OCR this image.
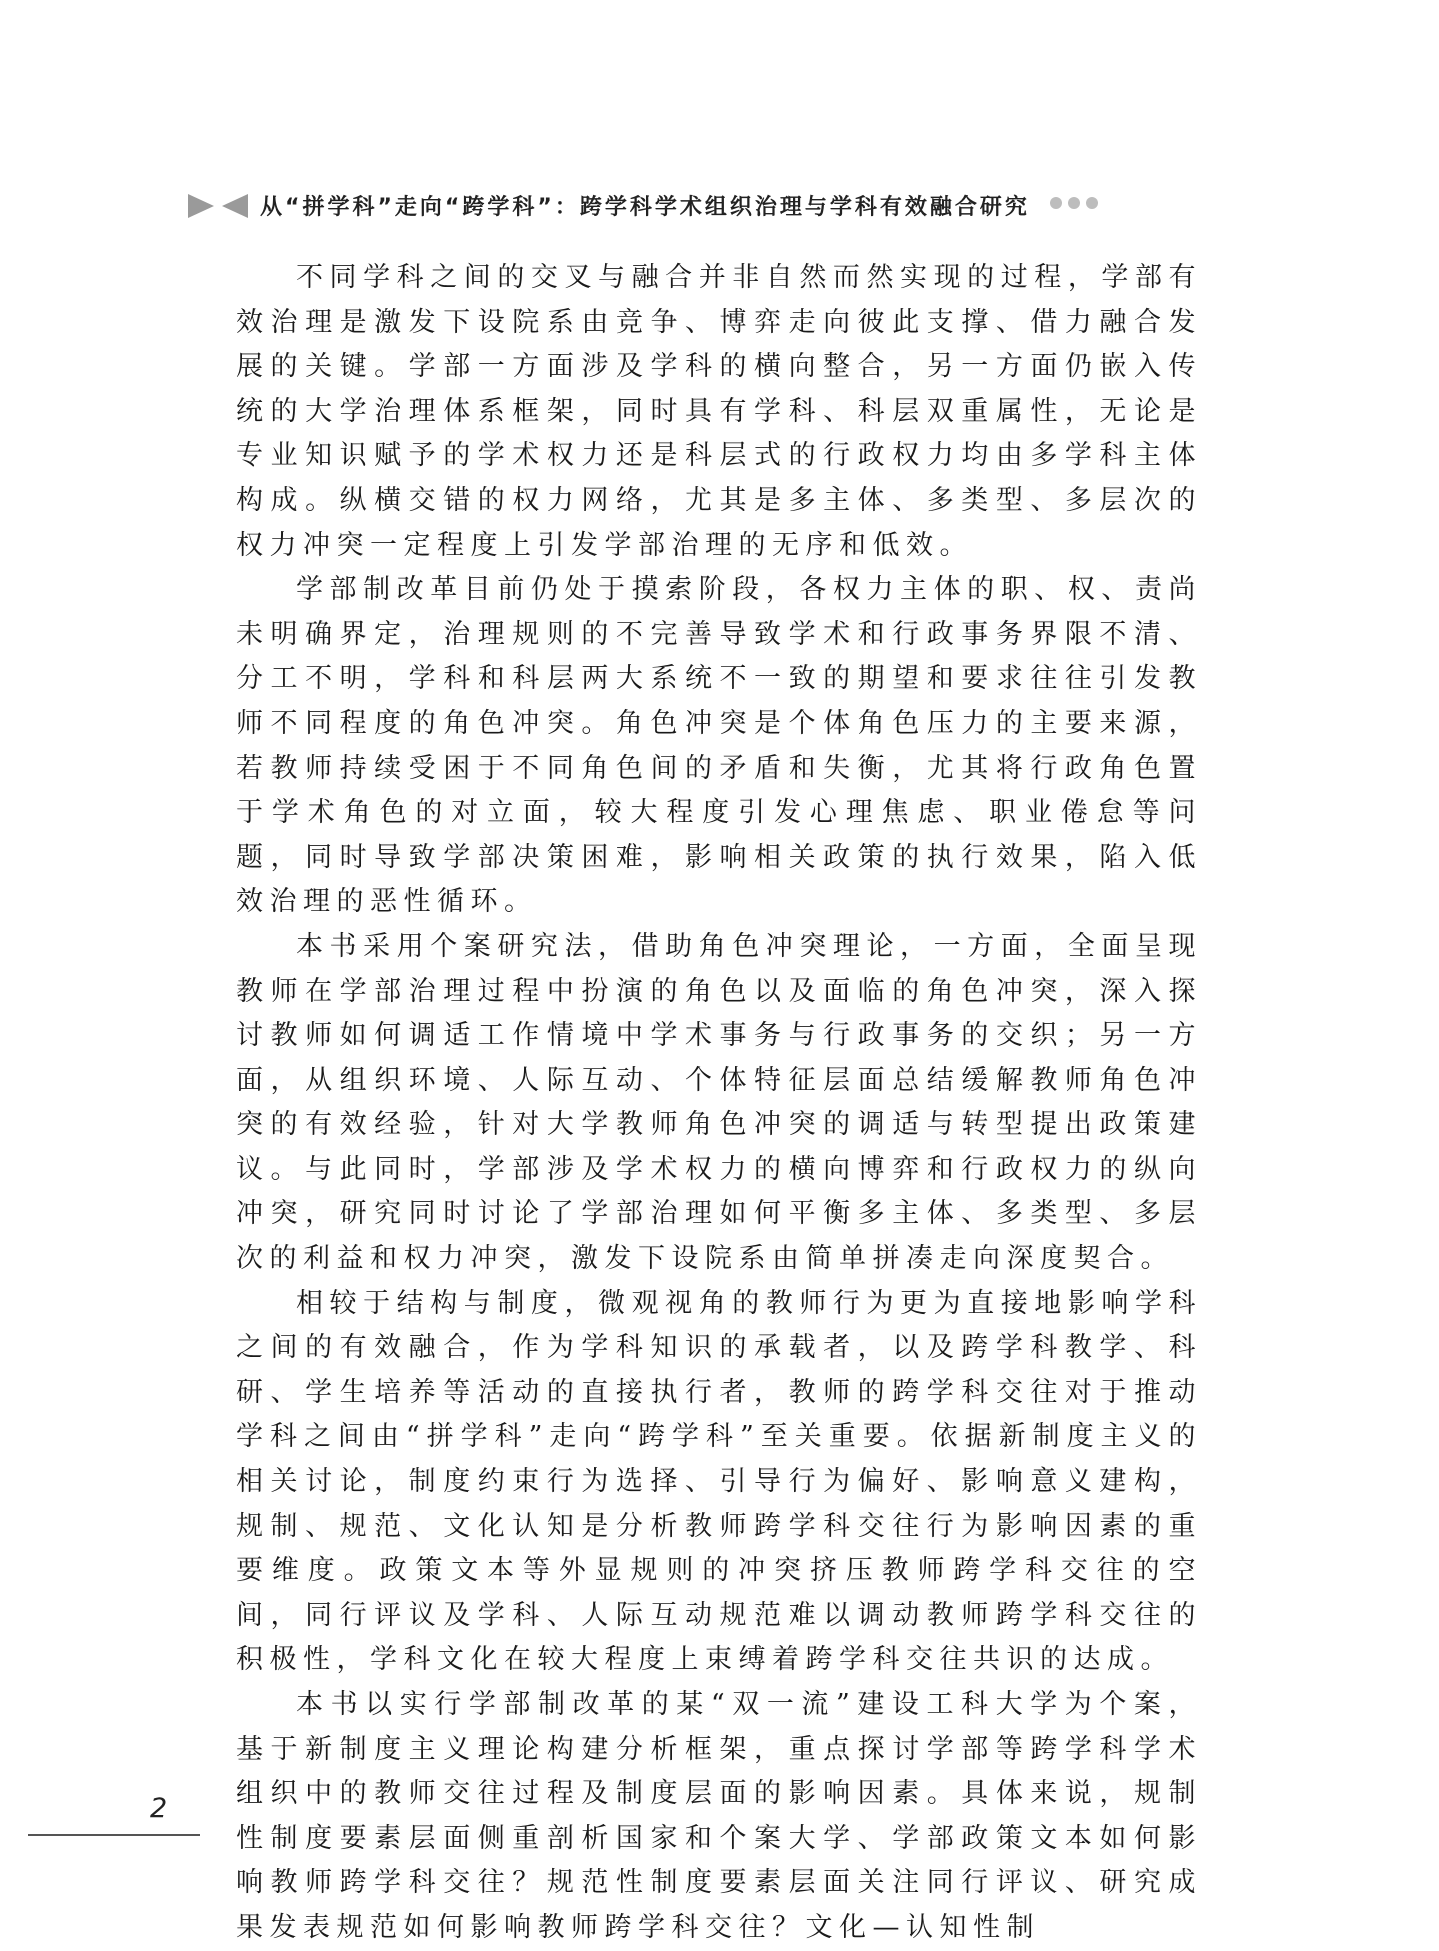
从“拼学科”走向“跨学科”：跨学科学术组织治理与学科有效融合研究

不同学科之间的交叉与融合并非自然而然实现的过程，学部有效治理是激发下设院系由竞争、博弈走向彼此支撑、借力融合发展的关键。学部一方面涉及学科的横向整合，另一方面仍嵌入传统的大学治理体系框架，同时具有学科、科层双重属性，无论是专业知识赋予的学术权力还是科层式的行政权力均由多学科主体构成。纵横交错的权力网络，尤其是多主体、多类型、多层次的权力冲突一定程度上引发学部治理的无序和低效。

学部制改革目前仍处于摸索阶段，各权力主体的职、权、责尚未明确界定，治理规则的不完善导致学术和行政事务界限不清、分工不明，学科和科层两大系统不一致的期望和要求往往引发教师不同程度的角色冲突。角色冲突是个体角色压力的主要来源，若教师持续受困于不同角色间的矛盾和失衡，尤其将行政角色置于学术角色的对立面，较大程度引发心理焦虑、职业倦怠等问题，同时导致学部决策困难，影响相关政策的执行效果，陷入低效治理的恶性循环。

本书采用个案研究法，借助角色冲突理论，一方面，全面呈现教师在学部治理过程中扮演的角色以及面临的角色冲突，深入探讨教师如何调适工作情境中学术事务与行政事务的交织；另一方面，从组织环境、人际互动、个体特征层面总结缓解教师角色冲突的有效经验，针对大学教师角色冲突的调适与转型提出政策建议。与此同时，学部涉及学术权力的横向博弈和行政权力的纵向冲突，研究同时讨论了学部治理如何平衡多主体、多类型、多层次的利益和权力冲突，激发下设院系由简单拼凑走向深度契合。

相较于结构与制度，微观视角的教师行为更为直接地影响学科之间的有效融合，作为学科知识的承载者，以及跨学科教学、科研、学生培养等活动的直接执行者，教师的跨学科交往对于推动学科之间由“拼学科”走向“跨学科”至关重要。依据新制度主义的相关讨论，制度约束行为选择、引导行为偏好、影响意义建构，规制、规范、文化认知是分析教师跨学科交往行为影响因素的重要维度。政策文本等外显规则的冲突挤压教师跨学科交往的空间，同行评议及学科、人际互动规范难以调动教师跨学科交往的积极性，学科文化在较大程度上束缚着跨学科交往共识的达成。

本书以实行学部制改革的某“双一流”建设工科大学为个案，基于新制度主义理论构建分析框架，重点探讨学部等跨学科学术组织中的教师交往过程及制度层面的影响因素。具体来说，规制性制度要素层面侧重剖析国家和个案大学、学部政策文本如何影响教师跨学科交往？规范性制度要素层面关注同行评议、研究成果发表规范如何影响教师跨学科交往？文化—认知性制

2
